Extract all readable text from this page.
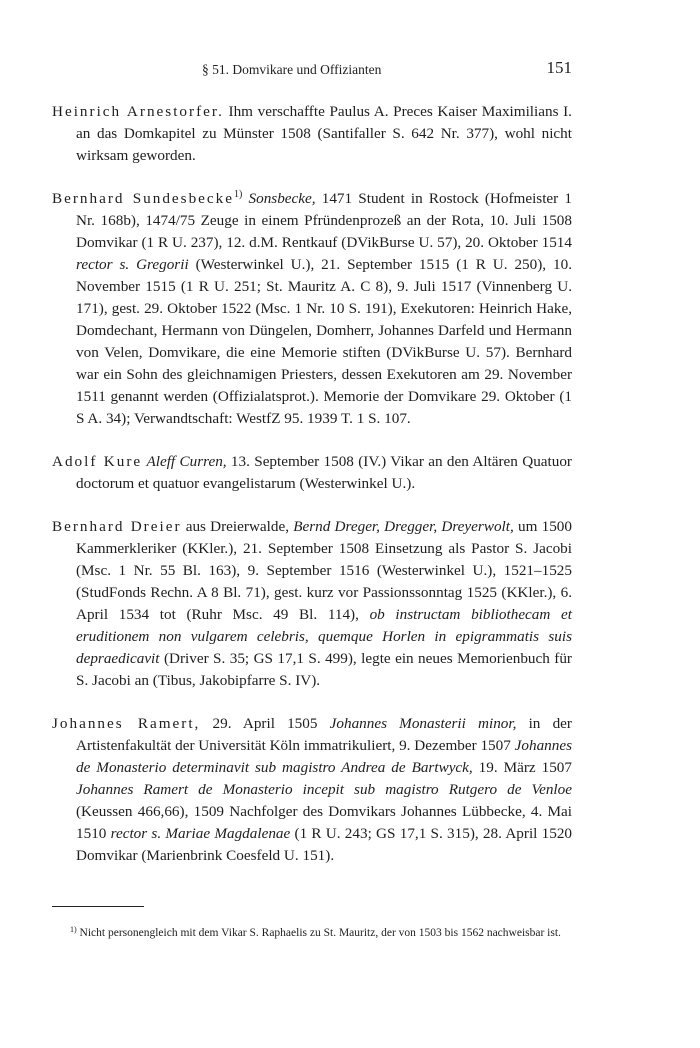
§ 51. Domvikare und Offizianten	151

Heinrich Arnestorfer. Ihm verschaffte Paulus A. Preces Kaiser Maximilians I. an das Domkapitel zu Münster 1508 (Santifaller S. 642 Nr. 377), wohl nicht wirksam geworden.

Bernhard Sundesbecke$^{1)}$ Sonsbecke, 1471 Student in Rostock (Hofmeister 1 Nr. 168b), 1474/75 Zeuge in einem Pfründenprozeß an der Rota, 10. Juli 1508 Domvikar (1 R U. 237), 12. d.M. Rentkauf (DVikBurse U. 57), 20. Oktober 1514 rector s. Gregorii (Westerwinkel U.), 21. September 1515 (1 R U. 250), 10. November 1515 (1 R U. 251; St. Mauritz A. C 8), 9. Juli 1517 (Vinnenberg U. 171), gest. 29. Oktober 1522 (Msc. 1 Nr. 10 S. 191), Exekutoren: Heinrich Hake, Domdechant, Hermann von Düngelen, Domherr, Johannes Darfeld und Hermann von Velen, Domvikare, die eine Memorie stiften (DVikBurse U. 57). Bernhard war ein Sohn des gleichnamigen Priesters, dessen Exekutoren am 29. November 1511 genannt werden (Offizialatsprot.). Memorie der Domvikare 29. Oktober (1 S A. 34); Verwandtschaft: WestfZ 95. 1939 T. 1 S. 107.

Adolf Kure Aleff Curren, 13. September 1508 (IV.) Vikar an den Altären Quatuor doctorum et quatuor evangelistarum (Westerwinkel U.).

Bernhard Dreier aus Dreierwalde, Bernd Dreger, Dregger, Dreyerwolt, um 1500 Kammerkleriker (KKler.), 21. September 1508 Einsetzung als Pastor S. Jacobi (Msc. 1 Nr. 55 Bl. 163), 9. September 1516 (Westerwinkel U.), 1521–1525 (StudFonds Rechn. A 8 Bl. 71), gest. kurz vor Passionssonntag 1525 (KKler.), 6. April 1534 tot (Ruhr Msc. 49 Bl. 114), ob instructam bibliothecam et eruditionem non vulgarem celebris, quemque Horlen in epigrammatis suis depraedicavit (Driver S. 35; GS 17,1 S. 499), legte ein neues Memorienbuch für S. Jacobi an (Tibus, Jakobipfarre S. IV).

Johannes Ramert, 29. April 1505 Johannes Monasterii minor, in der Artistenfakultät der Universität Köln immatrikuliert, 9. Dezember 1507 Johannes de Monasterio determinavit sub magistro Andrea de Bartwyck, 19. März 1507 Johannes Ramert de Monasterio incepit sub magistro Rutgero de Venloe (Keussen 466,66), 1509 Nachfolger des Domvikars Johannes Lübbecke, 4. Mai 1510 rector s. Mariae Magdalenae (1 R U. 243; GS 17,1 S. 315), 28. April 1520 Domvikar (Marienbrink Coesfeld U. 151).

$^{1)}$ Nicht personengleich mit dem Vikar S. Raphaelis zu St. Mauritz, der von 1503 bis 1562 nachweisbar ist.
